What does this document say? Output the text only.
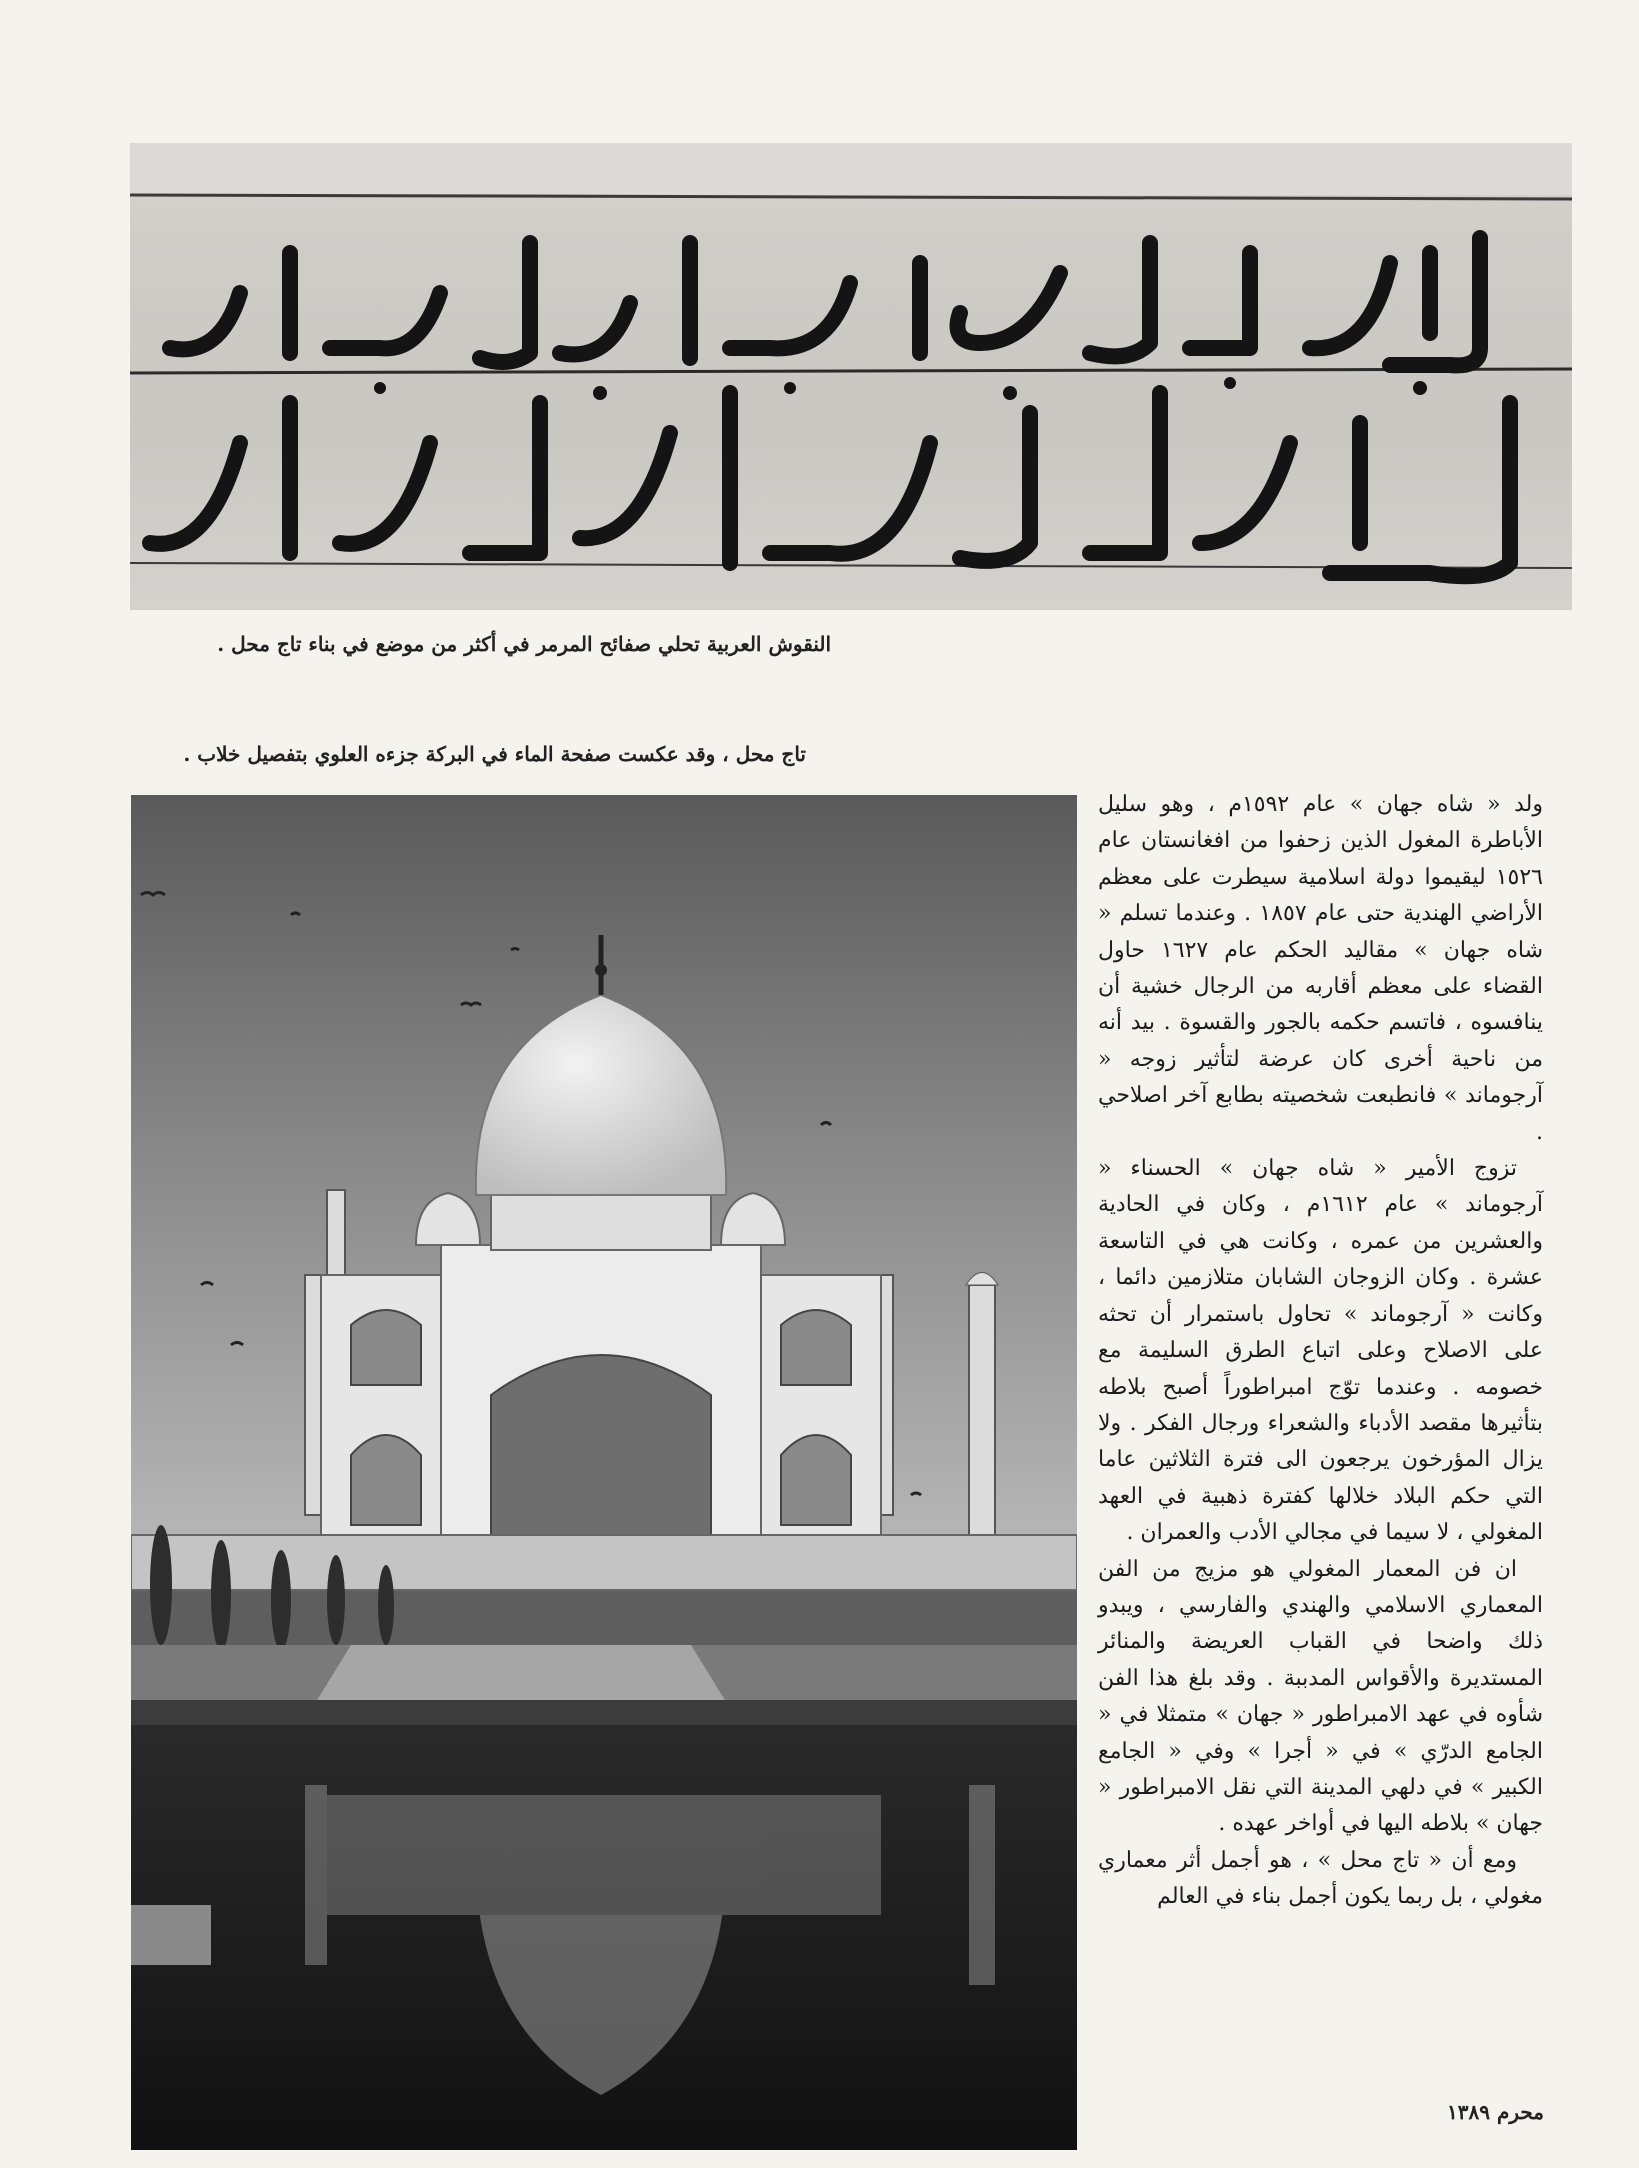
النقوش العربية تحلي صفائح المرمر في أكثر من موضع في بناء تاج محل .
تاج محل ، وقد عكست صفحة الماء في البركة جزءه العلوي بتفصيل خلاب .

ولد « شاه جهان » عام ١٥٩٢م ، وهو سليل الأباطرة المغول الذين زحفوا من افغانستان عام ١٥٢٦ ليقيموا دولة اسلامية سيطرت على معظم الأراضي الهندية حتى عام ١٨٥٧ . وعندما تسلم « شاه جهان » مقاليد الحكم عام ١٦٢٧ حاول القضاء على معظم أقاربه من الرجال خشية أن ينافسوه ، فاتسم حكمه بالجور والقسوة . بيد أنه من ناحية أخرى كان عرضة لتأثير زوجه « آرجوماند » فانطبعت شخصيته بطابع آخر اصلاحي .

تزوج الأمير « شاه جهان » الحسناء « آرجوماند » عام ١٦١٢م ، وكان في الحادية والعشرين من عمره ، وكانت هي في التاسعة عشرة . وكان الزوجان الشابان متلازمين دائما ، وكانت « آرجوماند » تحاول باستمرار أن تحثه على الاصلاح وعلى اتباع الطرق السليمة مع خصومه . وعندما توّج امبراطوراً أصبح بلاطه بتأثيرها مقصد الأدباء والشعراء ورجال الفكر . ولا يزال المؤرخون يرجعون الى فترة الثلاثين عاما التي حكم البلاد خلالها كفترة ذهبية في العهد المغولي ، لا سيما في مجالي الأدب والعمران .

ان فن المعمار المغولي هو مزيج من الفن المعماري الاسلامي والهندي والفارسي ، ويبدو ذلك واضحا في القباب العريضة والمنائر المستديرة والأقواس المدببة . وقد بلغ هذا الفن شأوه في عهد الامبراطور « جهان » متمثلا في « الجامع الدرّي » في « أجرا » وفي « الجامع الكبير » في دلهي المدينة التي نقل الامبراطور « جهان » بلاطه اليها في أواخر عهده .

ومع أن « تاج محل » ، هو أجمل أثر معماري مغولي ، بل ربما يكون أجمل بناء في العالم

محرم ١٣٨٩
